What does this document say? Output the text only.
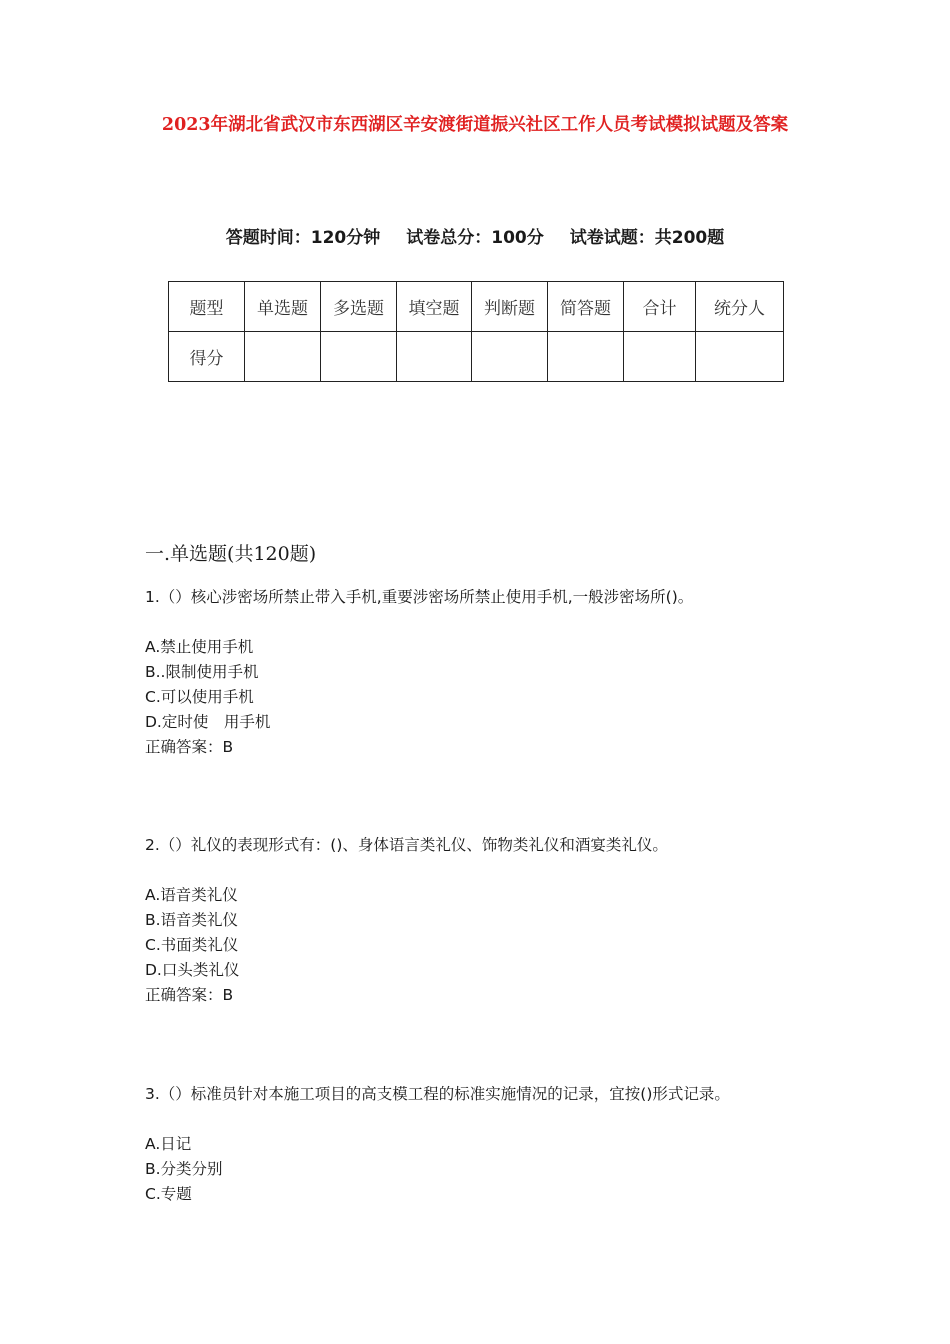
2023年湖北省武汉市东西湖区辛安渡街道振兴社区工作人员考试模拟试题及答案
答题时间：120分钟 试卷总分：100分 试卷试题：共200题
题型	单选题	多选题	填空题	判断题	简答题	合计	统分人
得分							
一.单选题(共120题)
1.（）核心涉密场所禁止带入手机,重要涉密场所禁止使用手机,一般涉密场所()。
A.禁止使用手机
B..限制使用手机
C.可以使用手机
D.定时使　用手机
正确答案：B
2.（）礼仪的表现形式有：()、身体语言类礼仪、饰物类礼仪和酒宴类礼仪。
A.语音类礼仪
B.语音类礼仪
C.书面类礼仪
D.口头类礼仪
正确答案：B
3.（）标准员针对本施工项目的高支模工程的标准实施情况的记录，宜按()形式记录。
A.日记
B.分类分别
C.专题
